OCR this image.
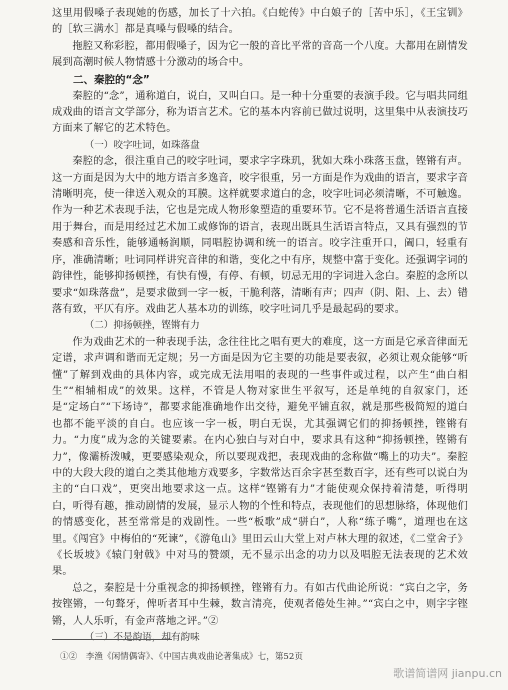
这里用假嗓子表现她的伤感，加长了十六拍。《白蛇传》中白娘子的［苦中乐］，《王宝钏》的［软三满水］都是真嗓与假嗓的结合。

拖腔又称彩腔，都用假嗓子，因为它一般的音比平常的音高一个八度。大都用在剧情发展到高潮时候人物情感十分激动的场合中。

二、秦腔的“念”

秦腔的“念”，通称道白，说白，又叫白口。是一种十分重要的表演手段。它与唱共同组成戏曲的语言文学部分，称为语言艺术。它的基本内容前已做过说明，这里集中从表演技巧方面来了解它的艺术特色。

（一）咬字吐词，如珠落盘

秦腔的念，很注重自己的咬字吐词，要求字字珠玑，犹如大珠小珠落玉盘，铿锵有声。这一方面是因为大中的地方语言多逸音，咬字很重，另一方面是作为戏曲的语言，要求字音清晰明亮，使一律送入观众的耳膜。这样就要求道白的念，咬字吐词必须清晰，不可触逸。作为一种艺术表现手法，它也是完成人物形象塑造的重要环节。它不是将普通生活语言直接用于舞台，而是用经过艺术加工或修饰的语言，表现出既具生活语言特点，又具有强烈的节奏感和音乐性，能够通畅润顺，同唱腔协调和统一的语言。咬字注重开口，阖口，轻重有序，准确清晰；吐词同样讲究音律的和谐，变化之中有序，规整中富于变化。还强调字词的韵律性，能够抑扬顿挫，有快有慢，有停、有顿，切忌无用的字词进入念白。秦腔的念所以要求“如珠落盘”，是要求做到一字一板，干脆利落，清晰有声；四声（阴、阳、上、去）错落有致，平仄有序。戏曲艺人基本功的训练，咬字吐词几乎是最起码的要求。

（二）抑扬顿挫，铿锵有力

作为戏曲艺术的一种表现手法，念往往比之唱有更大的难度，这一方面是它承音律面无定谱，求声调和谐而无定规；另一方面是因为它主要的功能是要表叙，必须让观众能够“听懂”了解到戏曲的具体内容，或完成无法用唱的表现的一些事件或过程，以产生“曲白相生”“相辅相成”的效果。这样，不管是人物对家世生平叙写，还是单纯的自叙家门，还是“定场白”“下场诗”，都要求能准确地作出交待，避免平铺直叙，就是那些极简短的道白也都不能平淡的自白。也应该一字一板，明白无误，尤其强调它们的抑扬顿挫，铿锵有力。“力度”成为念的关键要素。在内心独白与对白中，要求具有这种“抑扬顿挫，铿锵有力”，像灞桥泼喊，更要感染观众，所以要现戏把，表现戏曲的念称做“嘴上的功夫”。秦腔中的大段大段的道白之类其他地方戏要多，字数常达百余字甚至数百字，还有些可以说白为主的“白口戏”，更突出地要求这一点。这样“铿锵有力”才能使观众保持着清楚，听得明白，听得有趣，推动剧情的发展，显示人物的个性和特点，表现他们的思想脉络，体现他们的情感变化，甚至常常是的戏剧性。一些“板歌”成“骈白”，人称“练子嘴”，道理也在这里。《闯宫》中梅伯的“死谏”，《游龟山》里田云山大堂上对卢林大理的叙述，《二堂舍子》《长坂坡》《辕门射戟》中对马的赞颂，无不显示出念的功力以及唱腔无法表现的艺术效果。

总之，秦腔是十分重视念的抑扬顿挫，铿锵有力。有如古代曲论所说：“宾白之字，务按铿锵，一句聱牙，俾听者耳中生棘，数言清亮，使观者倦处生神。”“宾白之中，则字字铿锵，人人乐听，有金声落地之评。”②

（三）不是韵语，却有韵味

①②　李渔《闲情偶寄》、《中国古典戏曲论著集成》七，第52页
歌谱简谱网 jianpu.cn
